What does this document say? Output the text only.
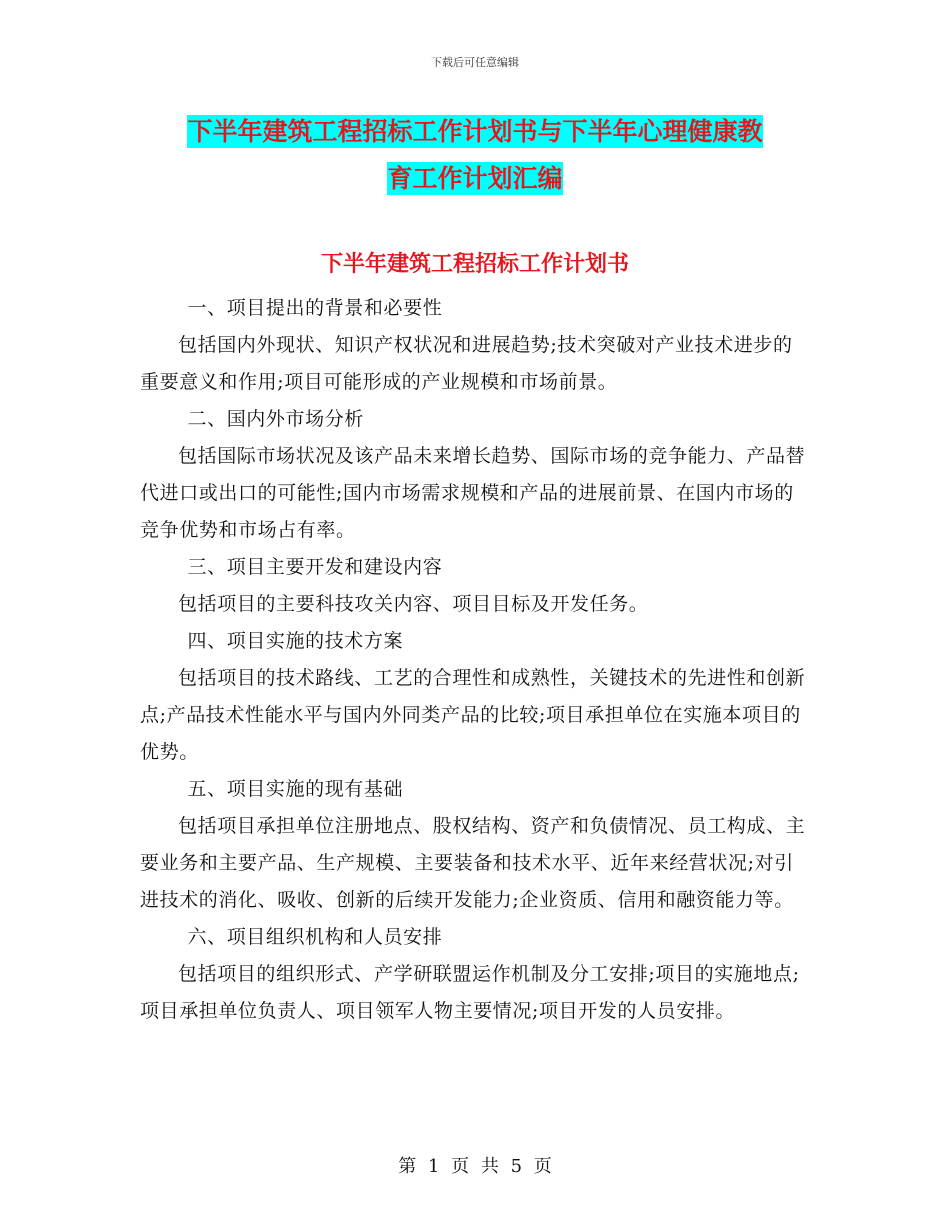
下载后可任意编辑
下半年建筑工程招标工作计划书与下半年心理健康教
育工作计划汇编
下半年建筑工程招标工作计划书

一、项目提出的背景和必要性

包括国内外现状、知识产权状况和进展趋势;技术突破对产业技术进步的重要意义和作用;项目可能形成的产业规模和市场前景。

二、国内外市场分析

包括国际市场状况及该产品未来增长趋势、国际市场的竞争能力、产品替代进口或出口的可能性;国内市场需求规模和产品的进展前景、在国内市场的竞争优势和市场占有率。

三、项目主要开发和建设内容

包括项目的主要科技攻关内容、项目目标及开发任务。

四、项目实施的技术方案

包括项目的技术路线、工艺的合理性和成熟性，关键技术的先进性和创新点;产品技术性能水平与国内外同类产品的比较;项目承担单位在实施本项目的优势。

五、项目实施的现有基础

包括项目承担单位注册地点、股权结构、资产和负债情况、员工构成、主要业务和主要产品、生产规模、主要装备和技术水平、近年来经营状况;对引进技术的消化、吸收、创新的后续开发能力;企业资质、信用和融资能力等。

六、项目组织机构和人员安排

包括项目的组织形式、产学研联盟运作机制及分工安排;项目的实施地点;项目承担单位负责人、项目领军人物主要情况;项目开发的人员安排。

第 1 页 共 5 页
